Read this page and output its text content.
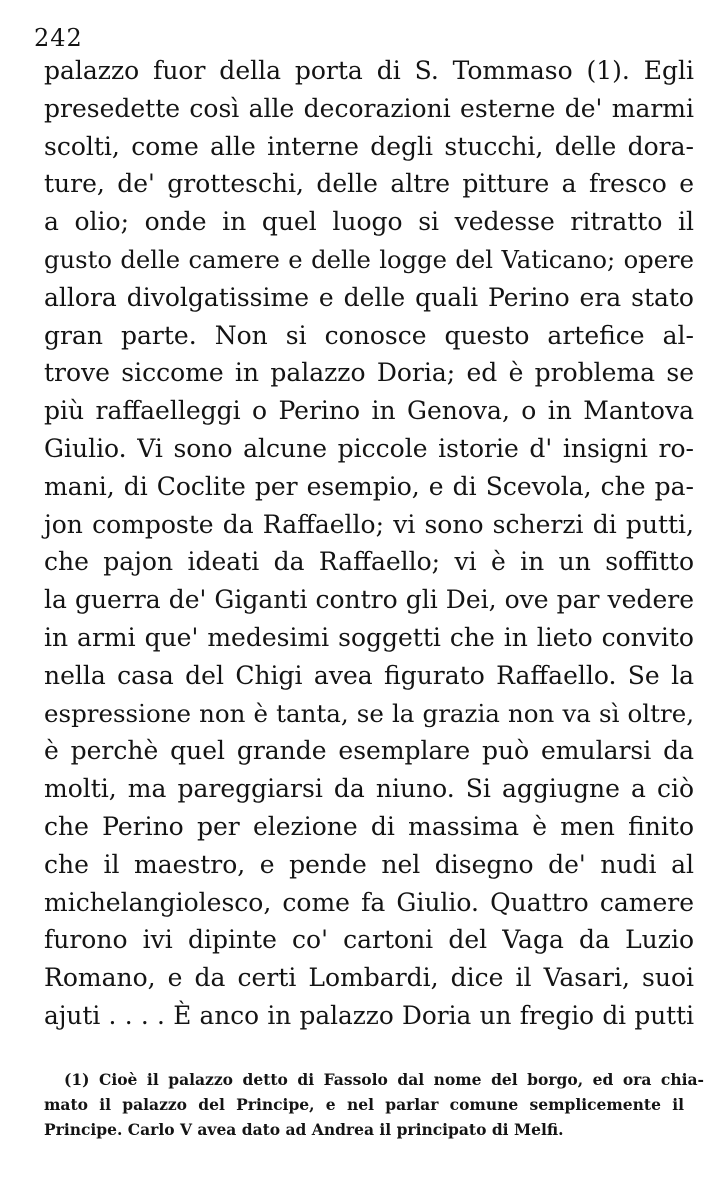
242
palazzo fuor della porta di S. Tommaso (1). Egli
presedette così alle decorazioni esterne de' marmi
scolti, come alle interne degli stucchi, delle dora-
ture, de' grotteschi, delle altre pitture a fresco e
a olio; onde in quel luogo si vedesse ritratto il
gusto delle camere e delle logge del Vaticano; opere
allora divolgatissime e delle quali Perino era stato
gran parte. Non si conosce questo artefice al-
trove siccome in palazzo Doria; ed è problema se
più raffaelleggi o Perino in Genova, o in Mantova
Giulio. Vi sono alcune piccole istorie d' insigni ro-
mani, di Coclite per esempio, e di Scevola, che pa-
jon composte da Raffaello; vi sono scherzi di putti,
che pajon ideati da Raffaello; vi è in un soffitto
la guerra de' Giganti contro gli Dei, ove par vedere
in armi que' medesimi soggetti che in lieto convito
nella casa del Chigi avea figurato Raffaello. Se la
espressione non è tanta, se la grazia non va sì oltre,
è perchè quel grande esemplare può emularsi da
molti, ma pareggiarsi da niuno. Si aggiugne a ciò
che Perino per elezione di massima è men finito
che il maestro, e pende nel disegno de' nudi al
michelangiolesco, come fa Giulio. Quattro camere
furono ivi dipinte co' cartoni del Vaga da Luzio
Romano, e da certi Lombardi, dice il Vasari, suoi
ajuti . . . . È anco in palazzo Doria un fregio di putti
(1) Cioè il palazzo detto di Fassolo dal nome del borgo, ed ora chia-
mato il palazzo del Principe, e nel parlar comune semplicemente il
Principe. Carlo V avea dato ad Andrea il principato di Melfi.
